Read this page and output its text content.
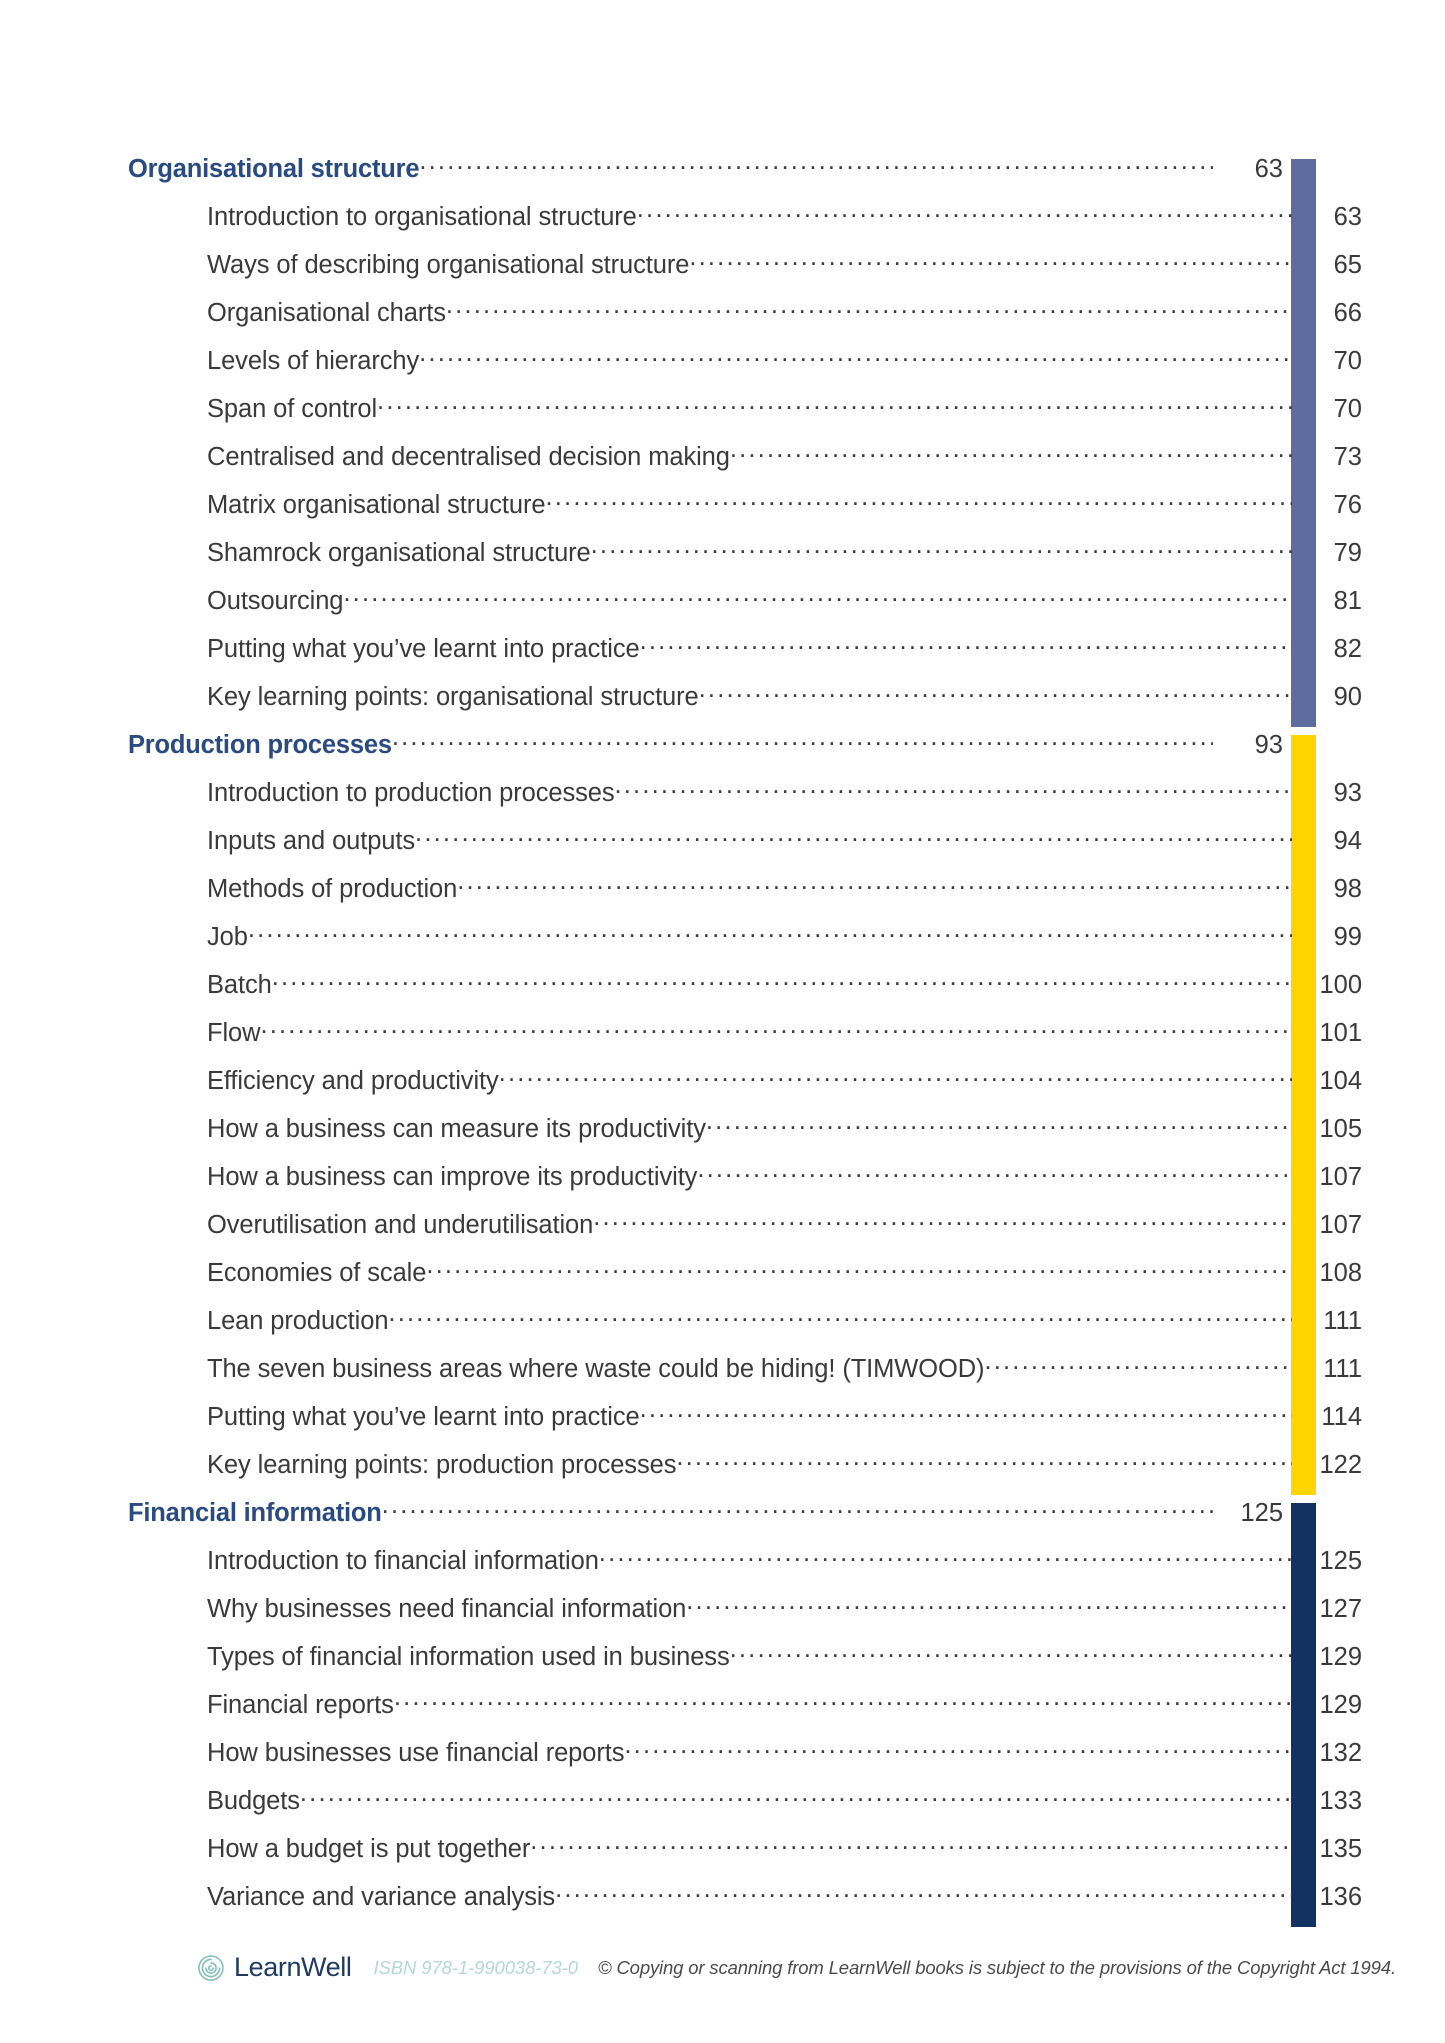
Organisational structure .....	63
Introduction to organisational structure .....	63
Ways of describing organisational structure .....	65
Organisational charts .....	66
Levels of hierarchy .....	70
Span of control .....	70
Centralised and decentralised decision making .....	73
Matrix organisational structure .....	76
Shamrock organisational structure .....	79
Outsourcing .....	81
Putting what you’ve learnt into practice .....	82
Key learning points: organisational structure .....	90
Production processes .....	93
Introduction to production processes .....	93
Inputs and outputs .....	94
Methods of production .....	98
Job .....	99
Batch .....	100
Flow .....	101
Efficiency and productivity .....	104
How a business can measure its productivity .....	105
How a business can improve its productivity .....	107
Overutilisation and underutilisation .....	107
Economies of scale .....	108
Lean production .....	111
The seven business areas where waste could be hiding! (TIMWOOD) .....	111
Putting what you’ve learnt into practice .....	114
Key learning points: production processes .....	122
Financial information .....	125
Introduction to financial information .....	125
Why businesses need financial information .....	127
Types of financial information used in business .....	129
Financial reports .....	129
How businesses use financial reports .....	132
Budgets .....	133
How a budget is put together .....	135
Variance and variance analysis .....	136
LearnWell ISBN 978-1-990038-73-0 © Copying or scanning from LearnWell books is subject to the provisions of the Copyright Act 1994.
